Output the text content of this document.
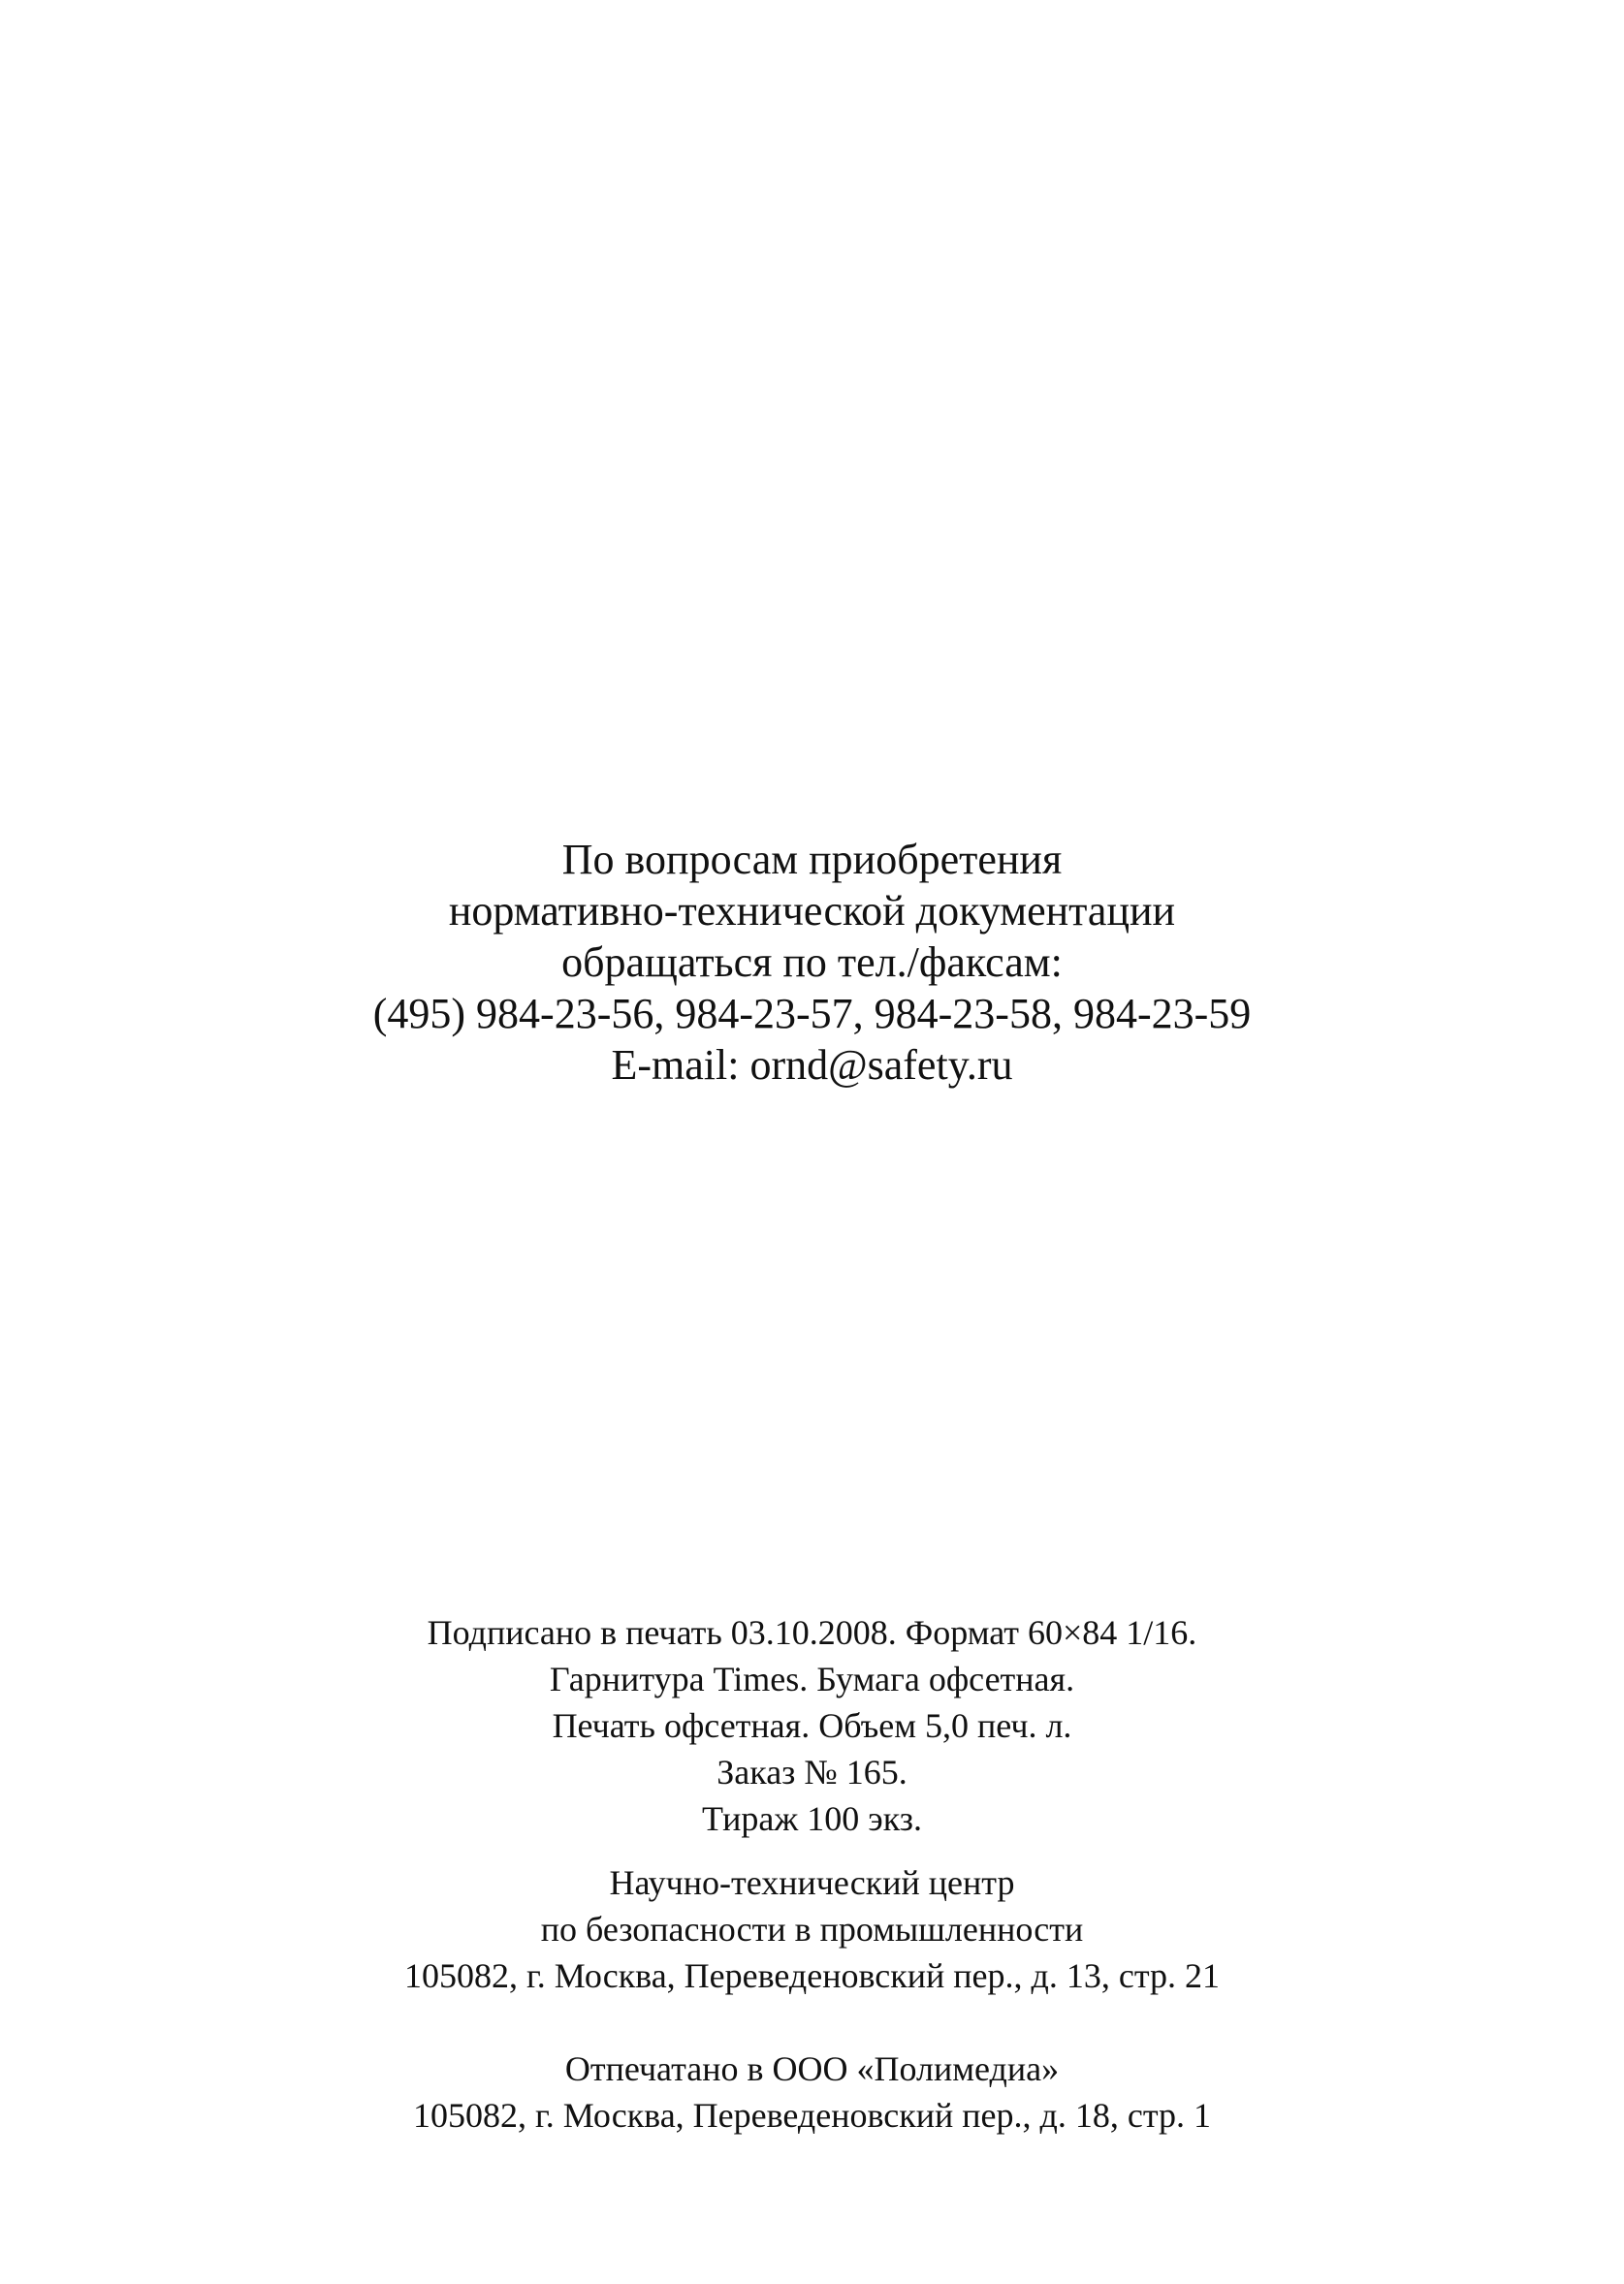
По вопросам приобретения
нормативно-технической документации
обращаться по тел./факсам:
(495) 984-23-56, 984-23-57, 984-23-58, 984-23-59
E-mail: ornd@safety.ru
Подписано в печать 03.10.2008. Формат 60×84 1/16.
Гарнитура Times. Бумага офсетная.
Печать офсетная. Объем 5,0 печ. л.
Заказ № 165.
Тираж 100 экз.
Научно-технический центр
по безопасности в промышленности
105082, г. Москва, Переведеновский пер., д. 13, стр. 21
Отпечатано в ООО «Полимедиа»
105082, г. Москва, Переведеновский пер., д. 18, стр. 1
